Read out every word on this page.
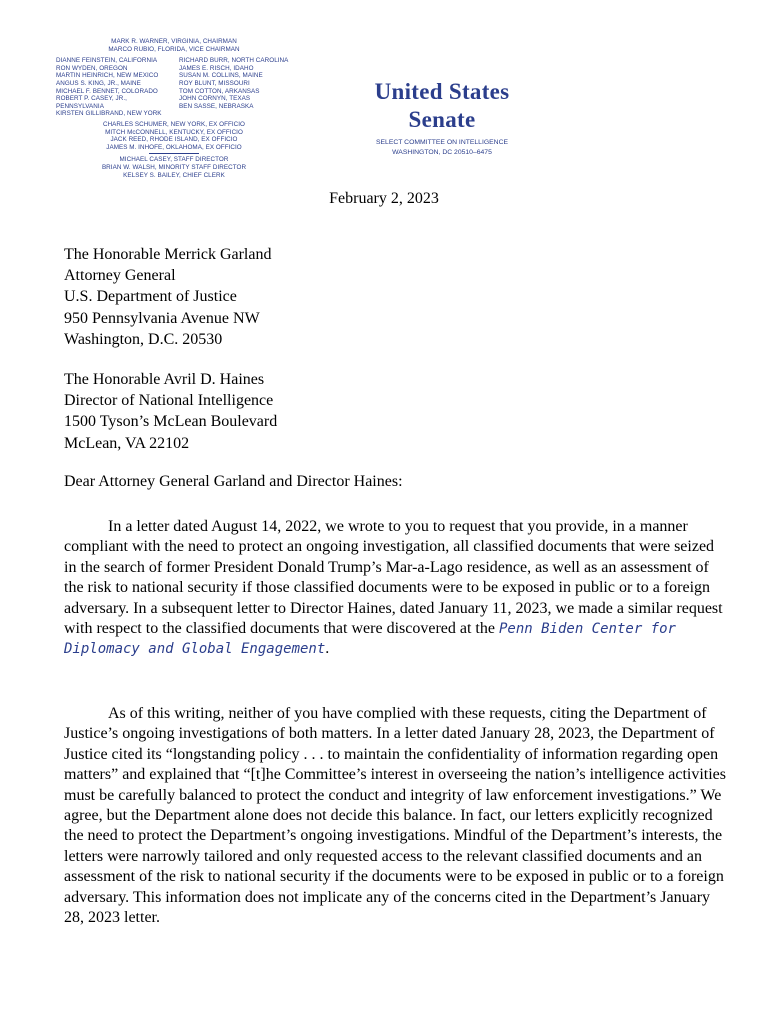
MARK R. WARNER, VIRGINIA, CHAIRMAN
MARCO RUBIO, FLORIDA, VICE CHAIRMAN
DIANNE FEINSTEIN, CALIFORNIA
RON WYDEN, OREGON
MARTIN HEINRICH, NEW MEXICO
ANGUS S. KING, JR., MAINE
MICHAEL F. BENNET, COLORADO
ROBERT P. CASEY, JR., PENNSYLVANIA
KIRSTEN GILLIBRAND, NEW YORK
RICHARD BURR, NORTH CAROLINA
JAMES E. RISCH, IDAHO
SUSAN M. COLLINS, MAINE
ROY BLUNT, MISSOURI
TOM COTTON, ARKANSAS
JOHN CORNYN, TEXAS
BEN SASSE, NEBRASKA
CHARLES SCHUMER, NEW YORK, EX OFFICIO
MITCH McCONNELL, KENTUCKY, EX OFFICIO
JACK REED, RHODE ISLAND, EX OFFICIO
JAMES M. INHOFE, OKLAHOMA, EX OFFICIO
MICHAEL CASEY, STAFF DIRECTOR
BRIAN W. WALSH, MINORITY STAFF DIRECTOR
KELSEY S. BAILEY, CHIEF CLERK
United States Senate
SELECT COMMITTEE ON INTELLIGENCE
WASHINGTON, DC 20510–6475
February 2, 2023
The Honorable Merrick Garland
Attorney General
U.S. Department of Justice
950 Pennsylvania Avenue NW
Washington, D.C. 20530
The Honorable Avril D. Haines
Director of National Intelligence
1500 Tyson’s McLean Boulevard
McLean, VA 22102
Dear Attorney General Garland and Director Haines:

In a letter dated August 14, 2022, we wrote to you to request that you provide, in a manner compliant with the need to protect an ongoing investigation, all classified documents that were seized in the search of former President Donald Trump’s Mar-a-Lago residence, as well as an assessment of the risk to national security if those classified documents were to be exposed in public or to a foreign adversary. In a subsequent letter to Director Haines, dated January 11, 2023, we made a similar request with respect to the classified documents that were discovered at the Penn Biden Center for Diplomacy and Global Engagement.

As of this writing, neither of you have complied with these requests, citing the Department of Justice’s ongoing investigations of both matters. In a letter dated January 28, 2023, the Department of Justice cited its “longstanding policy . . . to maintain the confidentiality of information regarding open matters” and explained that “[t]he Committee’s interest in overseeing the nation’s intelligence activities must be carefully balanced to protect the conduct and integrity of law enforcement investigations.” We agree, but the Department alone does not decide this balance. In fact, our letters explicitly recognized the need to protect the Department’s ongoing investigations. Mindful of the Department’s interests, the letters were narrowly tailored and only requested access to the relevant classified documents and an assessment of the risk to national security if the documents were to be exposed in public or to a foreign adversary. This information does not implicate any of the concerns cited in the Department’s January 28, 2023 letter.
